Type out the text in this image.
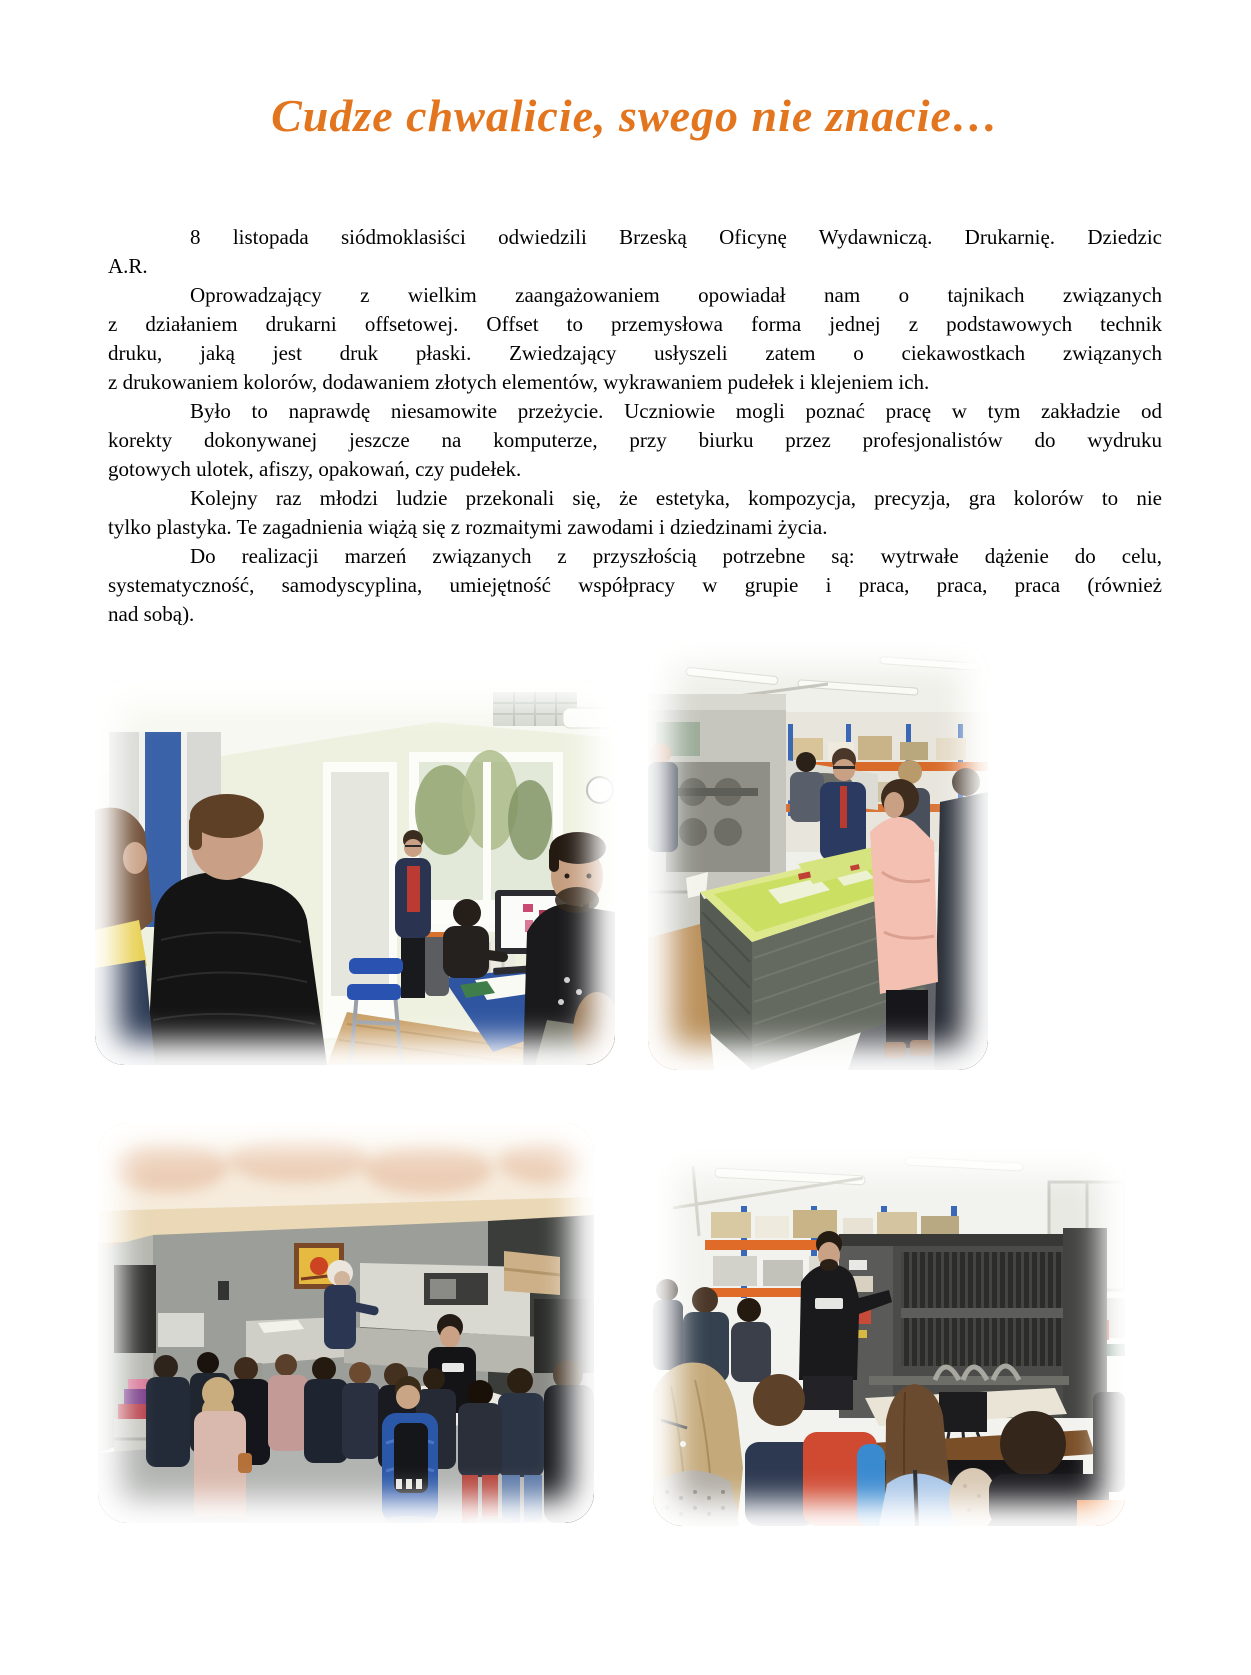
Cudze chwalicie, swego nie znacie…

8 listopada siódmoklasiści odwiedzili Brzeską Oficynę Wydawniczą. Drukarnię. Dziedzic
A.R.

Oprowadzający z wielkim zaangażowaniem opowiadał nam o tajnikach związanych
z działaniem drukarni offsetowej. Offset to przemysłowa forma jednej z podstawowych technik
druku, jaką jest druk płaski. Zwiedzający usłyszeli zatem o ciekawostkach związanych
z drukowaniem kolorów, dodawaniem złotych elementów, wykrawaniem pudełek i klejeniem ich.

Było to naprawdę niesamowite przeżycie. Uczniowie mogli poznać pracę w tym zakładzie od
korekty dokonywanej jeszcze na komputerze, przy biurku przez profesjonalistów do wydruku
gotowych ulotek, afiszy, opakowań, czy pudełek.

Kolejny raz młodzi ludzie przekonali się, że estetyka, kompozycja, precyzja, gra kolorów to nie
tylko plastyka. Te zagadnienia wiążą się z rozmaitymi zawodami i dziedzinami życia.

Do realizacji marzeń związanych z przyszłością potrzebne są: wytrwałe dążenie do celu,
systematyczność, samodyscyplina, umiejętność współpracy w grupie i praca, praca, praca (również
nad sobą).
